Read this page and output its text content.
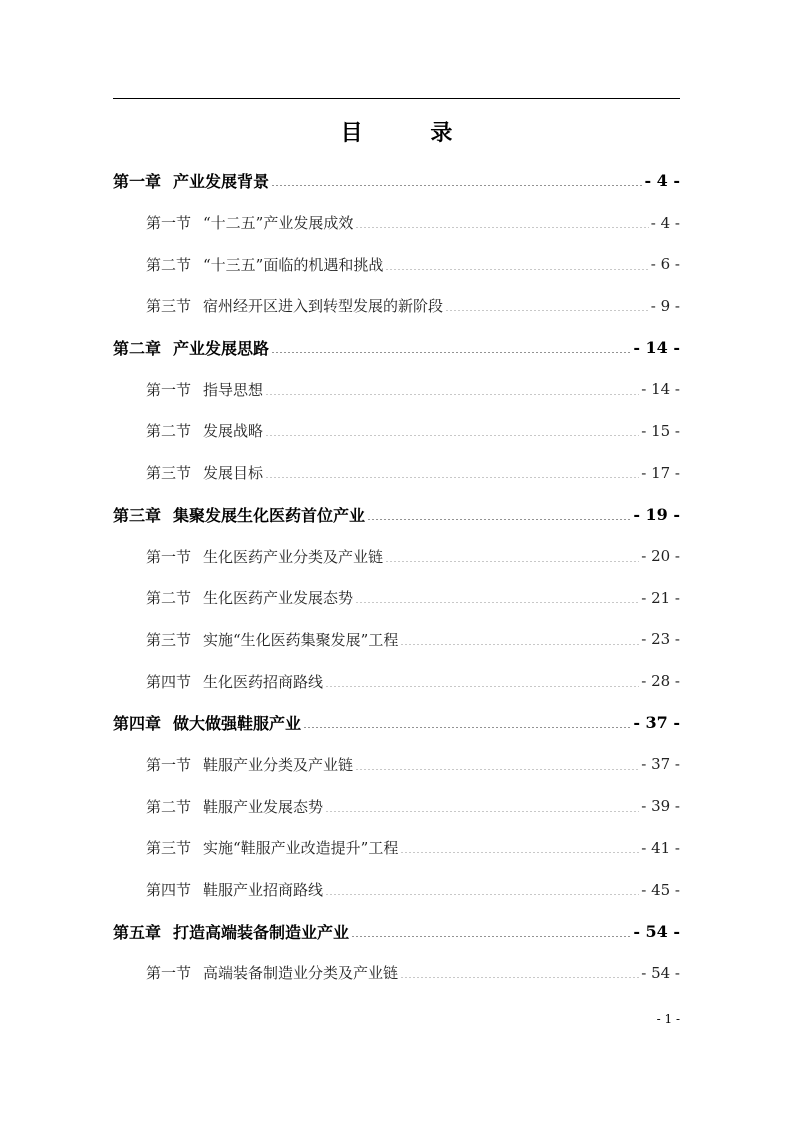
目 录
第一章 产业发展背景	- 4 -
第一节 “十二五”产业发展成效	- 4 -
第二节 “十三五”面临的机遇和挑战	- 6 -
第三节 宿州经开区进入到转型发展的新阶段	- 9 -
第二章 产业发展思路	- 14 -
第一节 指导思想	- 14 -
第二节 发展战略	- 15 -
第三节 发展目标	- 17 -
第三章 集聚发展生化医药首位产业	- 19 -
第一节 生化医药产业分类及产业链	- 20 -
第二节 生化医药产业发展态势	- 21 -
第三节 实施“生化医药集聚发展”工程	- 23 -
第四节 生化医药招商路线	- 28 -
第四章 做大做强鞋服产业	- 37 -
第一节 鞋服产业分类及产业链	- 37 -
第二节 鞋服产业发展态势	- 39 -
第三节 实施“鞋服产业改造提升”工程	- 41 -
第四节 鞋服产业招商路线	- 45 -
第五章 打造高端装备制造业产业	- 54 -
第一节 高端装备制造业分类及产业链	- 54 -
- 1 -
